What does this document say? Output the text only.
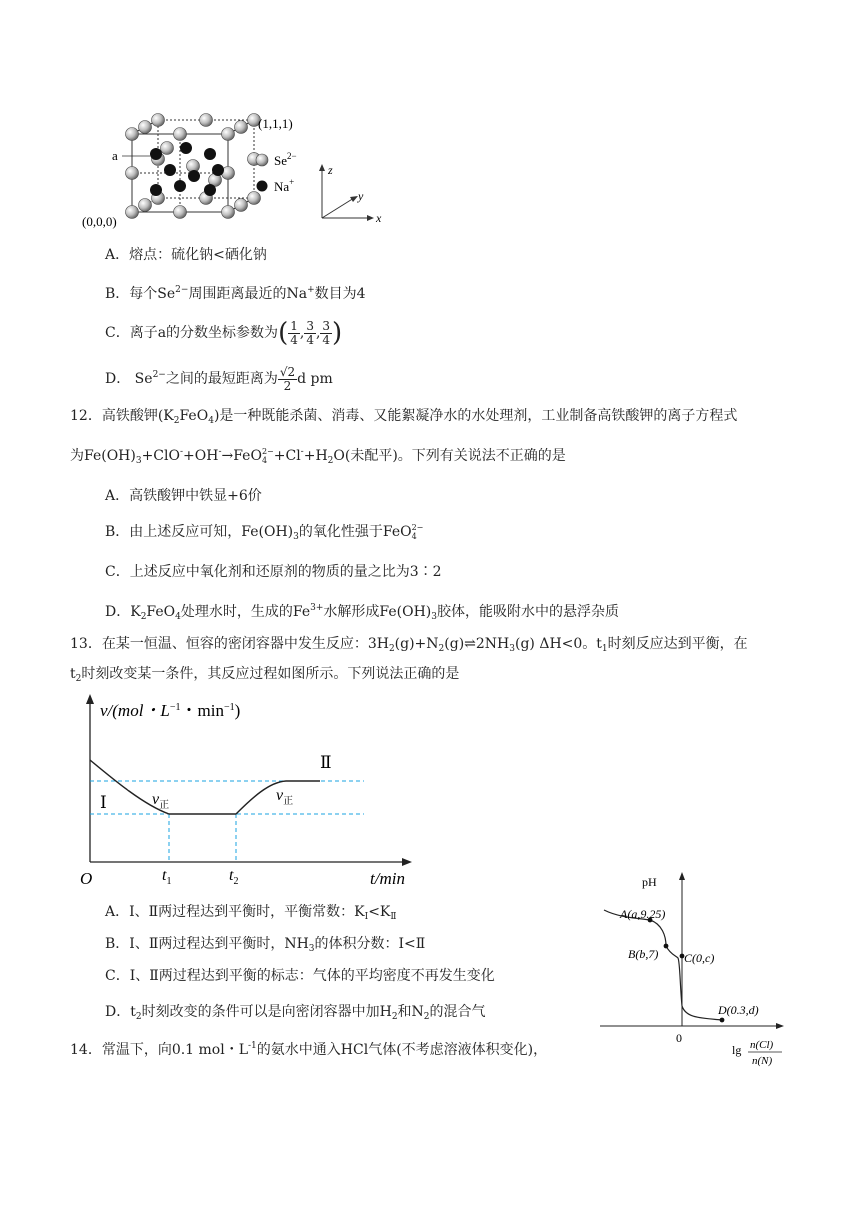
(1,1,1)
(0,0,0)
a	$Se^{2-}$
Na+
z
y
x
A．熔点：硫化钠<硒化钠
B．每个$Se^{2-}$周围距离最近的Na+数目为4
C．离子a的分数坐标参数为( $\frac{1}{4}$ , $\frac{3}{4}$ , $\frac{3}{4}$ )
D． $Se^{2-}$之间的最短距离为 $\frac{√2}{2}$ d pm
12．高铁酸钾$(K_2FeO_4)$是一种既能杀菌、消毒、又能絮凝净水的水处理剂，工业制备高铁酸钾的离子方程式
为$Fe(OH)_3+ClO^-+OH^-\to FeO$ 2−
$4 +Cl^-+H_2O$(未配平)。下列有关说法不正确的是
A．高铁酸钾中铁显+6价
B．由上述反应可知，$Fe(OH)_3$的氧化性强于FeO 2−
4
C．上述反应中氧化剂和还原剂的物质的量之比为3∶2
D．$K_2FeO_4$处理水时，生成的$Fe^{3+}$水解形成$Fe(OH)_3$胶体，能吸附水中的悬浮杂质
13．在某一恒温、恒容的密闭容器中发生反应：$3H_2(g)+N_2(g)\rightleftharpoons 2NH_3(g)$ ΔH<0。$t_1$时刻反应达到平衡，在
$t_2$时刻改变某一条件，其反应过程如图所示。下列说法正确的是
v/(mol・$L^{-1}$・$\min^{-1}$)
Ⅰ
Ⅱ
$v_正$
$v_正$
O	$t_1$	$t_2$	t/min
A．Ⅰ、Ⅱ两过程达到平衡时，平衡常数：$K_Ⅰ<K_Ⅱ$
B．Ⅰ、Ⅱ两过程达到平衡时，$NH_3$的体积分数：Ⅰ<Ⅱ
C．Ⅰ、Ⅱ两过程达到平衡的标志：气体的平均密度不再发生变化
D．$t_2$时刻改变的条件可以是向密闭容器中加$H_2$和$N_2$的混合气
pH
A(a,9.25)
B(b,7) C(0,c)
D(0.3,d)
0
lg n(Cl)
n(N)
14．常温下，向0.1 mol・$L^{-1}$的氨水中通入HCl气体(不考虑溶液体积变化)，
